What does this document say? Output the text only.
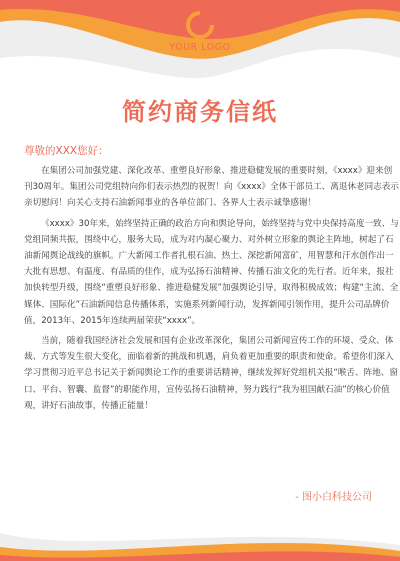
YOUR LOGO
简约商务信纸
尊敬的XXX您好：

在集团公司加强党建、深化改革、重塑良好形象、推进稳健发展的重要时刻，《xxxx》迎来创刊30周年。集团公司党组特向你们表示热烈的祝贺！向《xxxx》全体干部员工、离退休老同志表示亲切慰问！向关心支持石油新闻事业的各单位部门、各界人士表示诚挚感谢！

《xxxx》30年来，始终坚持正确的政治方向和舆论导向，始终坚持与党中央保持高度一致、与党组同频共振，围绕中心，服务大局，成为对内凝心聚力、对外树立形象的舆论主阵地，树起了石油新闻舆论战线的旗帜。广大新闻工作者扎根石油、热土、深挖新闻富矿，用智慧和汗水创作出一大批有思想、有温度、有品质的佳作，成为弘扬石油精神、传播石油文化的先行者。近年来，报社加快转型升级，围绕“重塑良好形象、推进稳健发展”加强舆论引导，取得积极成效；构建“主流、全媒体、国际化”石油新闻信息传播体系，实施系列新闻行动，发挥新闻引领作用，提升公司品牌价值，2013年、2015年连续两届荣获“xxxx”。

当前，随着我国经济社会发展和国有企业改革深化，集团公司新闻宣传工作的环境、受众、体裁、方式等发生很大变化，面临着新的挑战和机遇，肩负着更加重要的职责和使命。希望你们深入学习贯彻习近平总书记关于新闻舆论工作的重要讲话精神，继续发挥好党组机关报“喉舌、阵地、窗口、平台、智囊、监督”的职能作用，宣传弘扬石油精神，努力践行“我为祖国献石油”的核心价值观，讲好石油故事，传播正能量！

- 图小白科技公司
